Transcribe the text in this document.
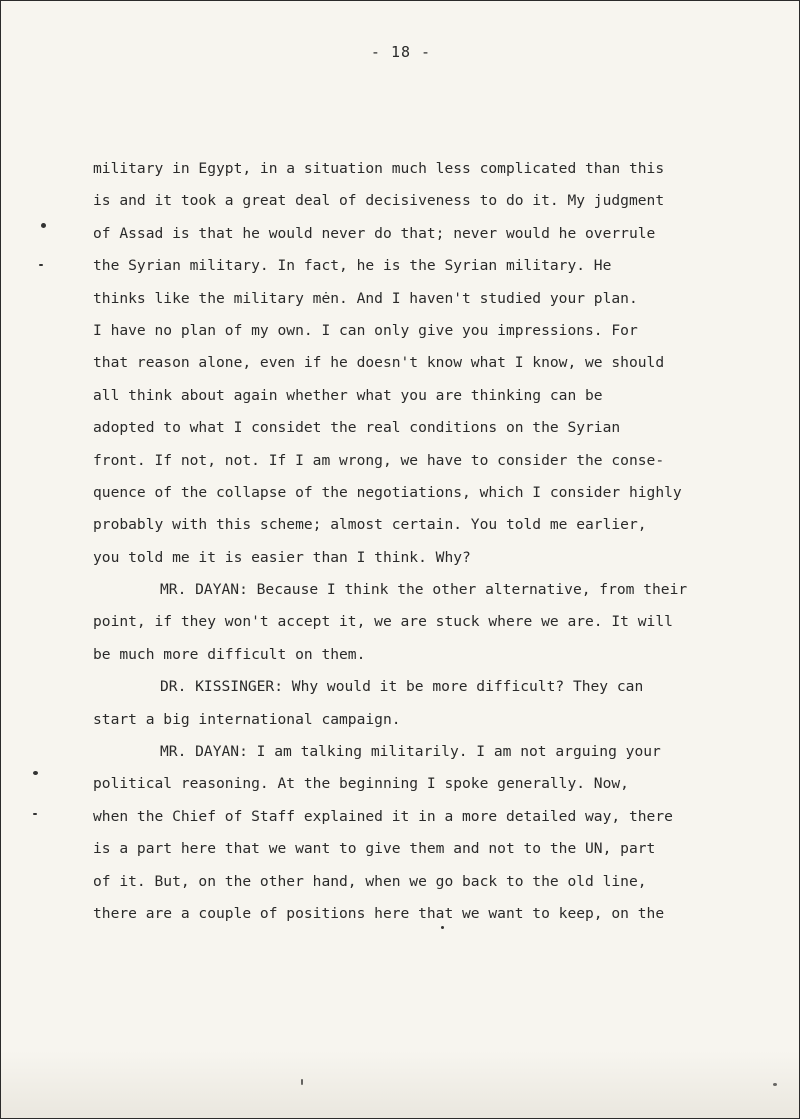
- 18 -
military in Egypt, in a situation much less complicated than this
is and it took a great deal of decisiveness to do it. My judgment
of Assad is that he would never do that; never would he overrule
the Syrian military. In fact, he is the Syrian military. He
thinks like the military mėn. And I haven't studied your plan.
I have no plan of my own. I can only give you impressions. For
that reason alone, even if he doesn't know what I know, we should
all think about again whether what you are thinking can be
adopted to what I considet the real conditions on the Syrian
front. If not, not. If I am wrong, we have to consider the conse-
quence of the collapse of the negotiations, which I consider highly
probably with this scheme; almost certain. You told me earlier,
you told me it is easier than I think. Why?
MR. DAYAN: Because I think the other alternative, from their
point, if they won't accept it, we are stuck where we are. It will
be much more difficult on them.
DR. KISSINGER: Why would it be more difficult? They can
start a big international campaign.
MR. DAYAN: I am talking militarily. I am not arguing your
political reasoning. At the beginning I spoke generally. Now,
when the Chief of Staff explained it in a more detailed way, there
is a part here that we want to give them and not to the UN, part
of it. But, on the other hand, when we go back to the old line,
there are a couple of positions here that we want to keep, on the
